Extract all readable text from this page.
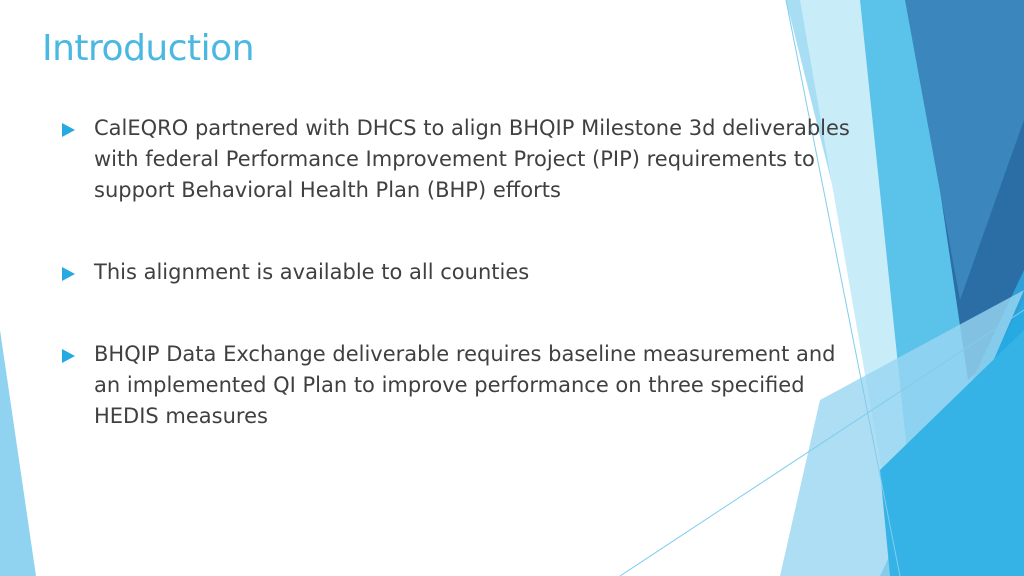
Introduction
CalEQRO partnered with DHCS to align BHQIP Milestone 3d deliverables with federal Performance Improvement Project (PIP) requirements to support Behavioral Health Plan (BHP) efforts
This alignment is available to all counties
BHQIP Data Exchange deliverable requires baseline measurement and an implemented QI Plan to improve performance on three specified HEDIS measures
